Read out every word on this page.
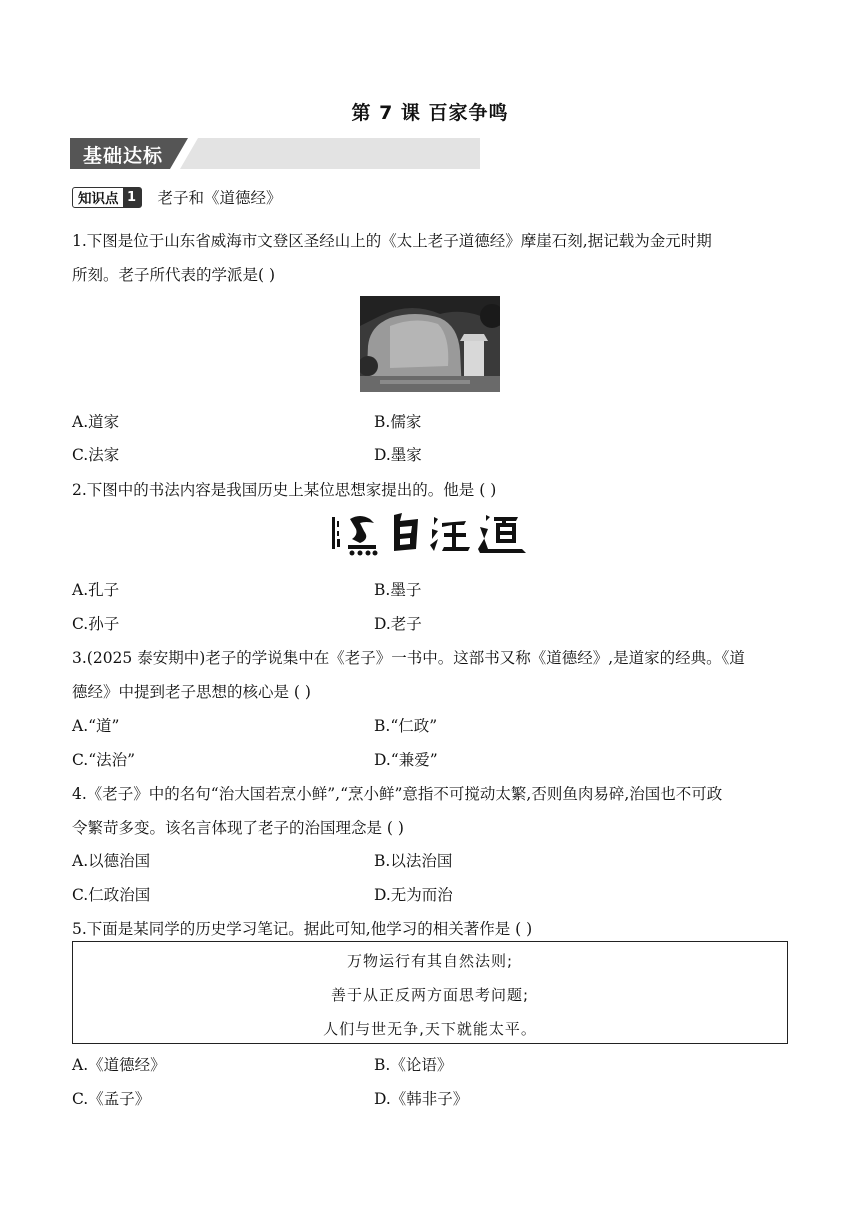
第 7 课 百家争鸣
基础达标
知识点 1 老子和《道德经》
1.下图是位于山东省威海市文登区圣经山上的《太上老子道德经》摩崖石刻,据记载为金元时期
所刻。老子所代表的学派是( )
A.道家	B.儒家
C.法家	D.墨家
2.下图中的书法内容是我国历史上某位思想家提出的。他是 ( )
A.孔子	B.墨子
C.孙子	D.老子
3.(2025 泰安期中)老子的学说集中在《老子》一书中。这部书又称《道德经》,是道家的经典。《道
德经》中提到老子思想的核心是 ( )
A.“道”	B.“仁政”
C.“法治”	D.“兼爱”
4.《老子》中的名句“治大国若烹小鲜”,“烹小鲜”意指不可搅动太繁,否则鱼肉易碎,治国也不可政
令繁苛多变。该名言体现了老子的治国理念是 ( )
A.以德治国	B.以法治国
C.仁政治国	D.无为而治
5.下面是某同学的历史学习笔记。据此可知,他学习的相关著作是 ( )
万物运行有其自然法则;
善于从正反两方面思考问题;
人们与世无争,天下就能太平。
A.《道德经》	B.《论语》
C.《孟子》	D.《韩非子》
